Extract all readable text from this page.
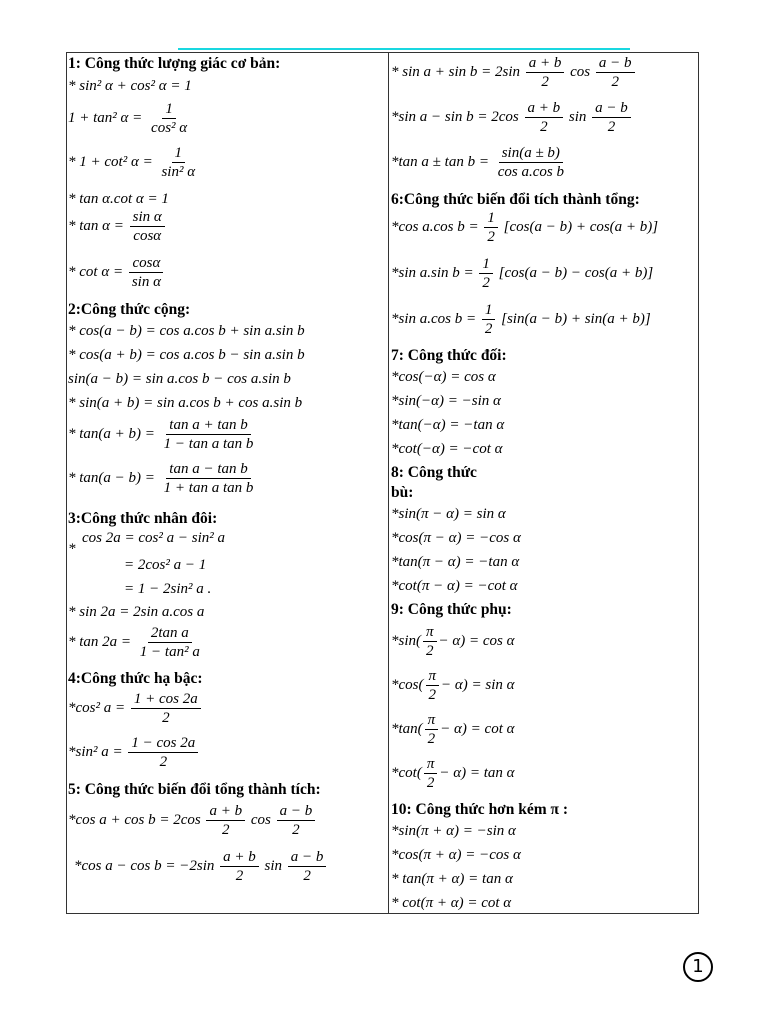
1: Công thức lượng giác cơ bản:
* sin² α + cos² α = 1
1 + tan² $\alpha = \frac{1}{\text{cos² α}}$
* 1 + cot² $\alpha = \frac{1}{\text{sin² α}}$
* tan α.cot α = 1
* $\tan \alpha = \frac{\text{sin α}}{\cos\alpha}$
* $\cot \alpha = \frac{\cos\alpha}{\text{sin α}}$
2:Công thức cộng:
* cos(a − b) = cos a.cos b + sin a.sin b
* cos(a + b) = cos a.cos b − sin a.sin b
sin(a − b) = sin a.cos b − cos a.sin b
* sin(a + b) = sin a.cos b + cos a.sin b
* $\tan(a + b) = \frac{\text{tan a + tan b}}{\text{1 − tan a tan b}}$
* $\tan(a - b) = \frac{\text{tan a − tan b}}{\text{1 + tan a tan b}}$
3:Công thức nhân đôi:
*
cos 2a = cos² a − sin² a
= 2cos² a − 1
= 1 − 2sin² a .
* sin 2a = 2sin a.cos a
* $\tan 2a = \frac{\text{2tan a}}{\text{1 − tan² a}}$
4:Công thức hạ bậc:
*cos² $a = \frac{1 + \cos 2a}{2}$
*sin² $a = \frac{1 - \cos 2a}{2}$
5: Công thức biến đổi tổng thành tích:
*cos $a + \cos b = 2\cos \frac{a + b}{2}$ $\cos \frac{a - b}{2}$
*cos $a - \cos b = -2\sin \frac{a + b}{2}$ $\sin \frac{a - b}{2}$
* $\sin a + \sin b = 2\sin \frac{a + b}{2}$ $\cos \frac{a - b}{2}$
*sin $a - \sin b = 2\cos \frac{a + b}{2}$ $\sin \frac{a - b}{2}$
*tan $a \pm \tan b = \frac{\sin(a \pm b)}{\text{cos a.cos b}}$
6:Công thức biến đổi tích thành tổng:
*cos a.cos $b = \frac{1}{2} [\cos(a - b) + \cos(a + b)]$
*sin a.sin $b = \frac{1}{2} [\cos(a - b) - \cos(a + b)]$
*sin a.cos $b = \frac{1}{2} [\sin(a - b) + \sin(a + b)]$
7: Công thức đối:
*cos(−α) = cos α
*sin(−α) = −sin α
*tan(−α) = −tan α
*cot(−α) = −cot α
8: Công thức
bù:
*sin(π − α) = sin α
*cos(π − α) = −cos α
*tan(π − α) = −tan α
*cot(π − α) = −cot α
9: Công thức phụ:
$*\sin( \frac{\pi}{2} - \alpha) = \cos \alpha$
$*\cos( \frac{\pi}{2} - \alpha) = \sin \alpha$
$*\tan( \frac{\pi}{2} - \alpha) = \cot \alpha$
$*\cot( \frac{\pi}{2} - \alpha) = \tan \alpha$
10: Công thức hơn kém π :
*sin(π + α) = −sin α
*cos(π + α) = −cos α
* tan(π + α) = tan α
* cot(π + α) = cot α
1
